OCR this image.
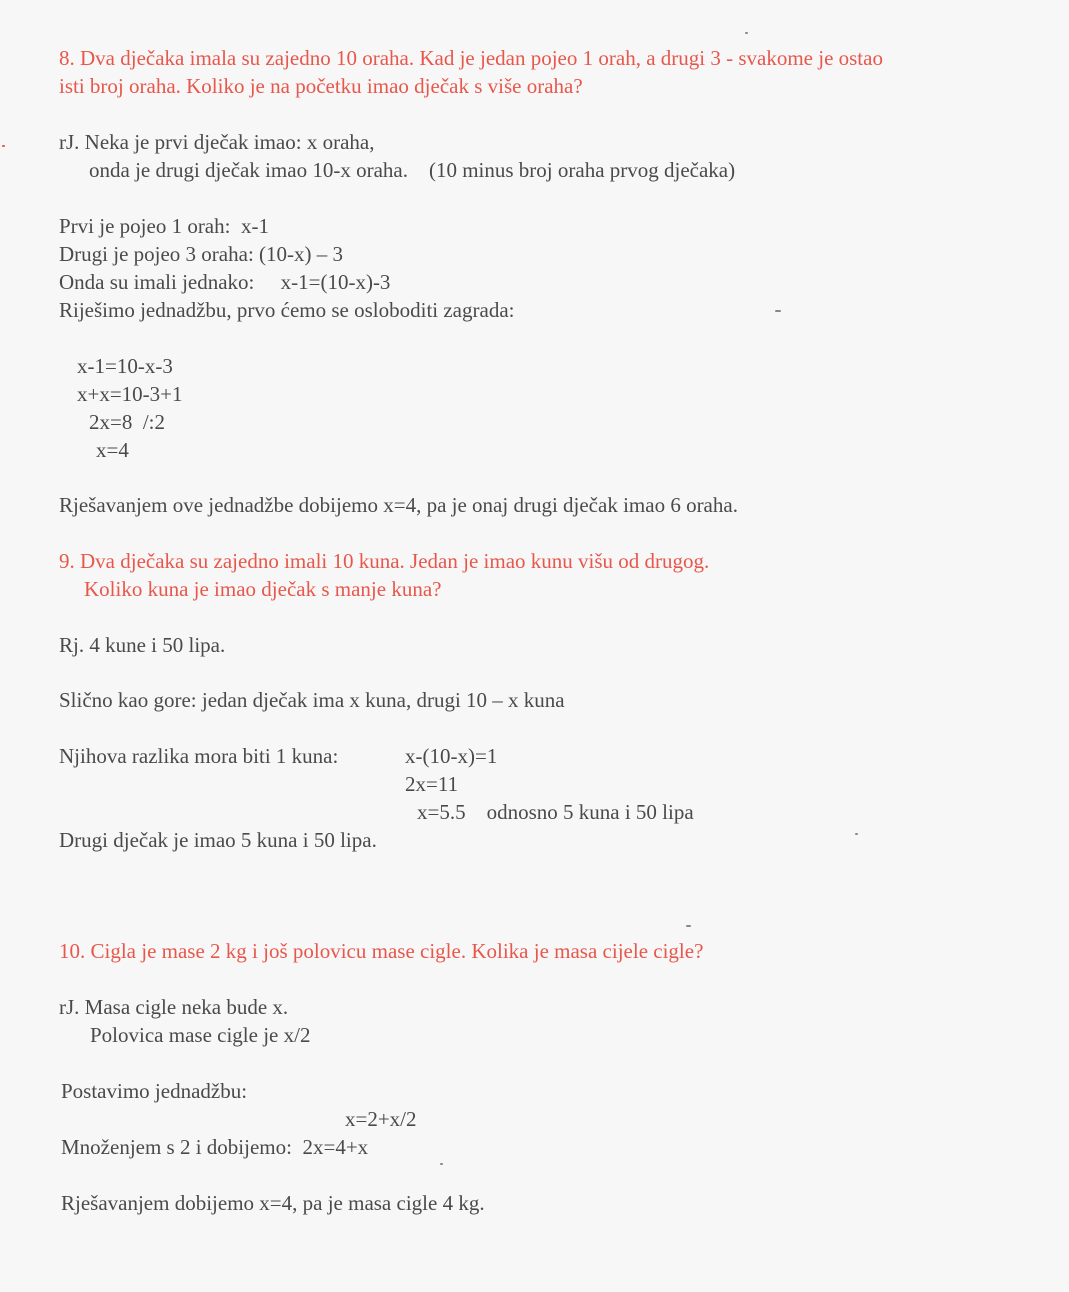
8. Dva dječaka imala su zajedno 10 oraha. Kad je jedan pojeo 1 orah, a drugi 3 - svakome je ostao
isti broj oraha. Koliko je na početku imao dječak s više oraha?
rJ. Neka je prvi dječak imao: x oraha,
onda je drugi dječak imao 10-x oraha.    (10 minus broj oraha prvog dječaka)
Prvi je pojeo 1 orah:  x-1
Drugi je pojeo 3 oraha: (10-x) – 3
Onda su imali jednako:     x-1=(10-x)-3
Riješimo jednadžbu, prvo ćemo se osloboditi zagrada:
x-1=10-x-3
x+x=10-3+1
2x=8  /:2
x=4
Rješavanjem ove jednadžbe dobijemo x=4, pa je onaj drugi dječak imao 6 oraha.
9. Dva dječaka su zajedno imali 10 kuna. Jedan je imao kunu višu od drugog.
Koliko kuna je imao dječak s manje kuna?
Rj. 4 kune i 50 lipa.
Slično kao gore: jedan dječak ima x kuna, drugi 10 – x kuna
Njihova razlika mora biti 1 kuna:	x-(10-x)=1
2x=11
x=5.5    odnosno 5 kuna i 50 lipa
Drugi dječak je imao 5 kuna i 50 lipa.
10. Cigla je mase 2 kg i još polovicu mase cigle. Kolika je masa cijele cigle?
rJ. Masa cigle neka bude x.
Polovica mase cigle je x/2
Postavimo jednadžbu:
x=2+x/2
Množenjem s 2 i dobijemo:  2x=4+x
Rješavanjem dobijemo x=4, pa je masa cigle 4 kg.
